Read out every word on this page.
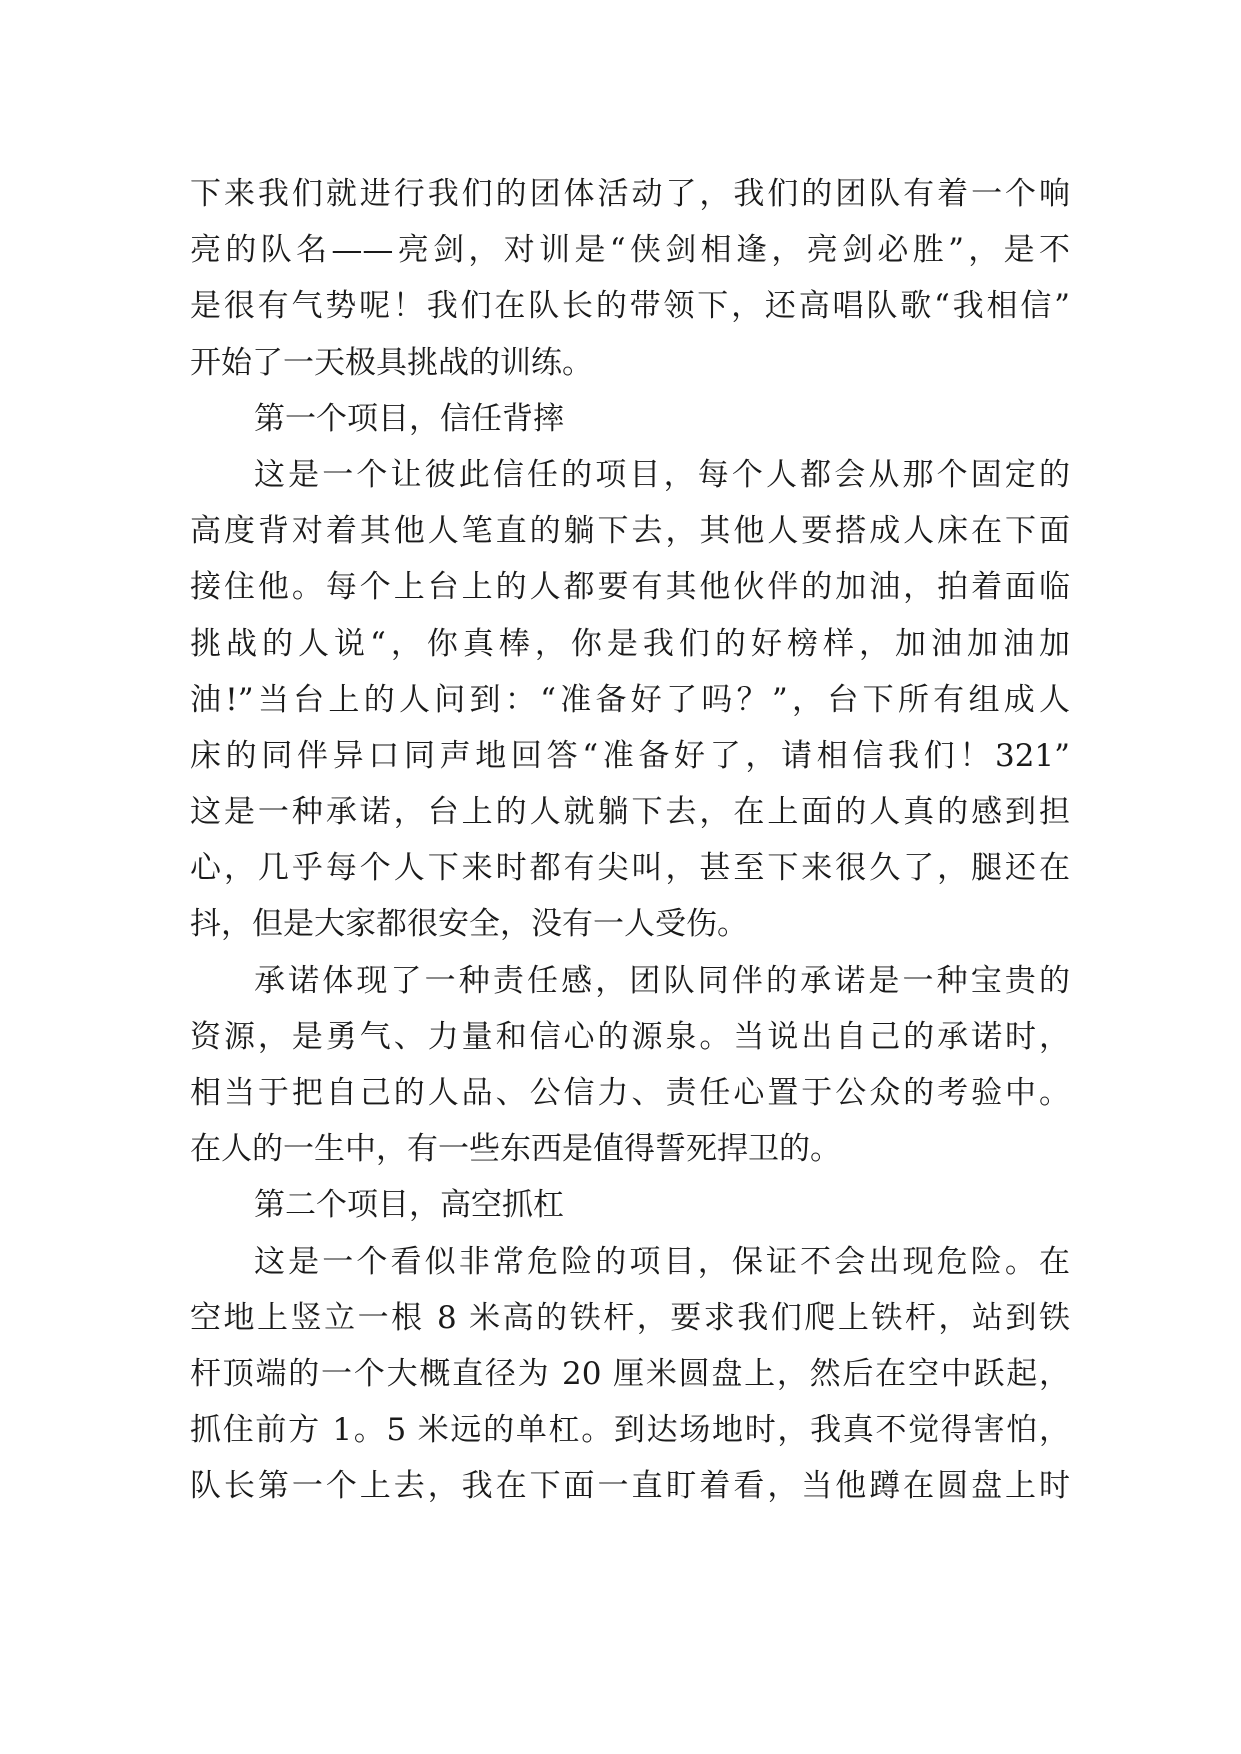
下来我们就进行我们的团体活动了，我们的团队有着一个响
亮的队名——亮剑，对训是“侠剑相逢，亮剑必胜”，是不
是很有气势呢！我们在队长的带领下，还高唱队歌“我相信”
开始了一天极具挑战的训练。
第一个项目，信任背摔
这是一个让彼此信任的项目，每个人都会从那个固定的
高度背对着其他人笔直的躺下去，其他人要搭成人床在下面
接住他。每个上台上的人都要有其他伙伴的加油，拍着面临
挑战的人说“，你真棒，你是我们的好榜样，加油加油加
油!”当台上的人问到：“准备好了吗？”，台下所有组成人
床的同伴异口同声地回答“准备好了，请相信我们！321”
这是一种承诺，台上的人就躺下去，在上面的人真的感到担
心，几乎每个人下来时都有尖叫，甚至下来很久了，腿还在
抖，但是大家都很安全，没有一人受伤。
承诺体现了一种责任感，团队同伴的承诺是一种宝贵的
资源，是勇气、力量和信心的源泉。当说出自己的承诺时，
相当于把自己的人品、公信力、责任心置于公众的考验中。
在人的一生中，有一些东西是值得誓死捍卫的。
第二个项目，高空抓杠
这是一个看似非常危险的项目，保证不会出现危险。在
空地上竖立一根 8 米高的铁杆，要求我们爬上铁杆，站到铁
杆顶端的一个大概直径为 20 厘米圆盘上，然后在空中跃起，
抓住前方 1。5 米远的单杠。到达场地时，我真不觉得害怕，
队长第一个上去，我在下面一直盯着看，当他蹲在圆盘上时
